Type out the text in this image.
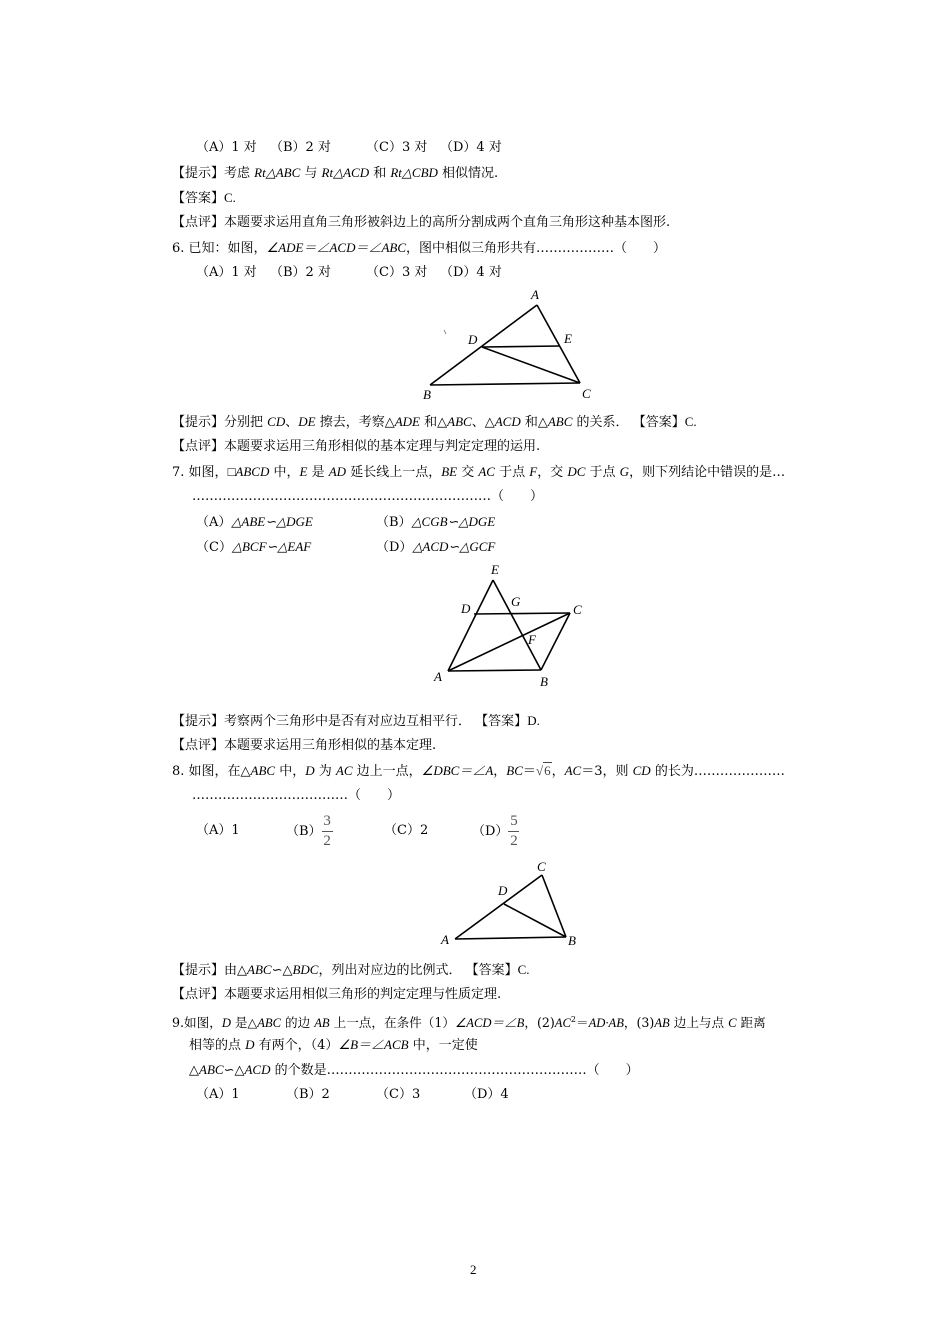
（A）1 对 （B）2 对	（C）3 对 （D）4 对
【提示】考虑 Rt△ABC 与 Rt△ACD 和 Rt△CBD 相似情况.
【答案】C.
【点评】本题要求运用直角三角形被斜边上的高所分割成两个直角三角形这种基本图形.
6. 已知：如图，∠ADE＝∠ACD＝∠ABC，图中相似三角形共有………………（　　）
（A）1 对 （B）2 对	（C）3 对 （D）4 对
A
D	E
B	C
【提示】分别把 CD、DE 擦去，考察△ADE 和△ABC、△ACD 和△ABC 的关系． 【答案】C.
【点评】本题要求运用三角形相似的基本定理与判定定理的运用.
7. 如图，□ABCD 中，E 是 AD 延长线上一点，BE 交 AC 于点 F，交 DC 于点 G，则下列结论中错误的是…
……………………………………………………………（　　）
（A）△ABE∽△DGE	（B）△CGB∽△DGE
（C）△BCF∽△EAF	（D）△ACD∽△GCF
E
D	G
C
F
A	B
【提示】考察两个三角形中是否有对应边互相平行． 【答案】D.
【点评】本题要求运用三角形相似的基本定理.
8. 如图，在△ABC 中，D 为 AC 边上一点，∠DBC＝∠A，BC＝√6，AC＝3，则 CD 的长为…………………
………………………………（　　）
（A）1	$(B)\frac{3}{2}$	（C）2	$(D)\frac{5}{2}$
C
D
A	B
【提示】由△ABC∽△BDC，列出对应边的比例式． 【答案】C.
【点评】本题要求运用相似三角形的判定定理与性质定理.
9.如图，D 是△ABC 的边 AB 上一点，在条件（1）∠ACD＝∠B，$(2)AC^2=AD\cdot AB$，(3)AB 边上与点 C 距离
相等的点 D 有两个，（4）∠B＝∠ACB 中，一定使
△ABC∽△ACD 的个数是……………………………………………………（　　）
（A）1	（B）2	（C）3	（D）4
2
